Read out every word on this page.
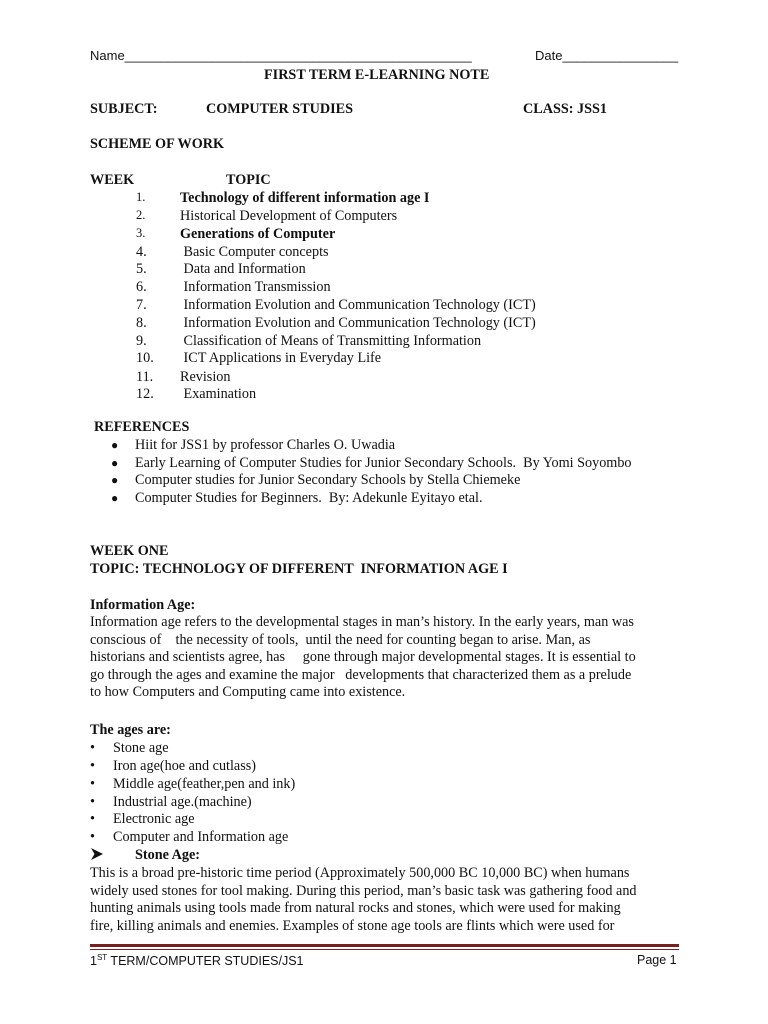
Name________________________________________________	Date________________
FIRST TERM E-LEARNING NOTE
SUBJECT:	COMPUTER STUDIES	CLASS: JSS1
SCHEME OF WORK
WEEK	TOPIC
1. Technology of different information age I
2. Historical Development of Computers
3. Generations of Computer
4. Basic Computer concepts
5. Data and Information
6. Information Transmission
7. Information Evolution and Communication Technology (ICT)
8. Information Evolution and Communication Technology (ICT)
9. Classification of Means of Transmitting Information
10. ICT Applications in Everyday Life
11. Revision
12. Examination
REFERENCES
● Hiit for JSS1 by professor Charles O. Uwadia
● Early Learning of Computer Studies for Junior Secondary Schools.  By Yomi Soyombo
● Computer studies for Junior Secondary Schools by Stella Chiemeke
● Computer Studies for Beginners.  By: Adekunle Eyitayo etal.
WEEK ONE
TOPIC: TECHNOLOGY OF DIFFERENT  INFORMATION AGE I
Information Age:
Information age refers to the developmental stages in man’s history. In the early years, man was
conscious of    the necessity of tools,  until the need for counting began to arise. Man, as
historians and scientists agree, has     gone through major developmental stages. It is essential to
go through the ages and examine the major   developments that characterized them as a prelude
to how Computers and Computing came into existence.
The ages are:
• Stone age
• Iron age(hoe and cutlass)
• Middle age(feather,pen and ink)
• Industrial age.(machine)
• Electronic age
• Computer and Information age
Stone Age:
This is a broad pre-historic time period (Approximately 500,000 BC 10,000 BC) when humans
widely used stones for tool making. During this period, man’s basic task was gathering food and
hunting animals using tools made from natural rocks and stones, which were used for making
fire, killing animals and enemies. Examples of stone age tools are flints which were used for
1ST TERM/COMPUTER STUDIES/JS1	Page 1
